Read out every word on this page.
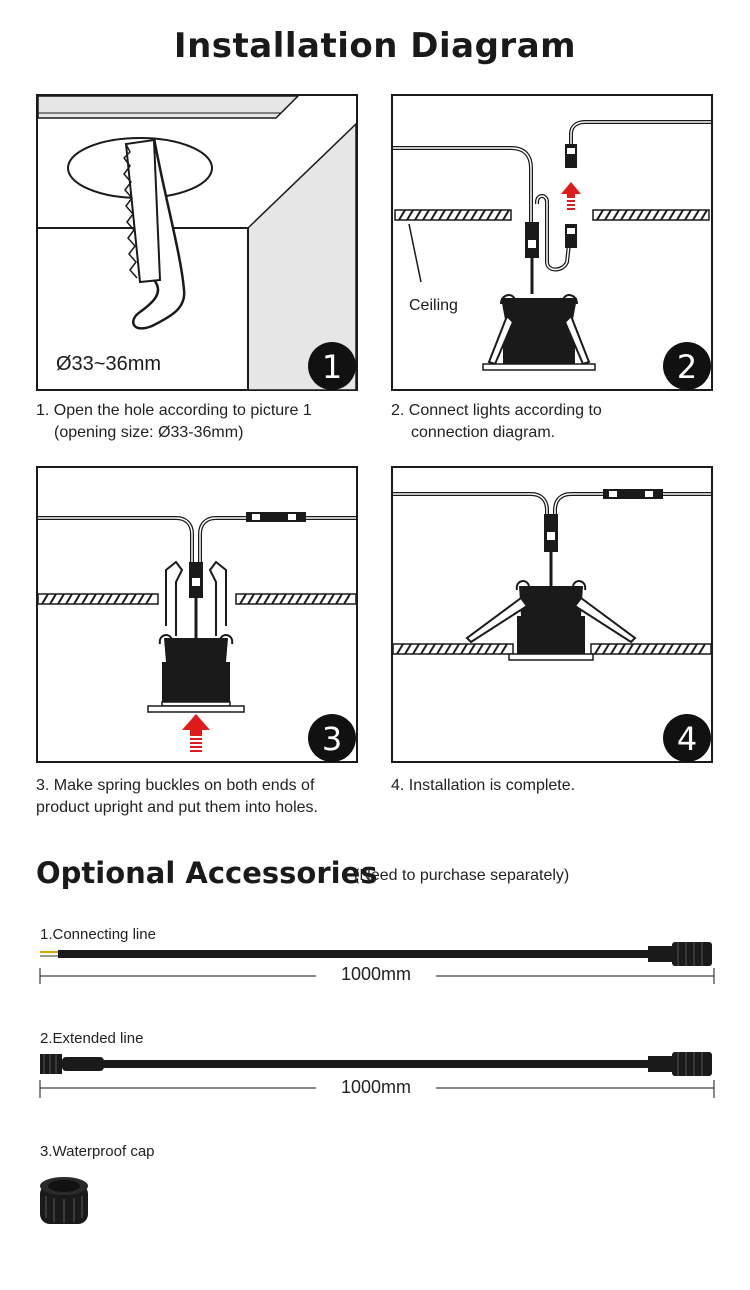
Installation Diagram
Ø33~36mm	1
1. Open the hole according to picture 1
(opening size: Ø33-36mm)
Ceiling
2
2. Connect lights according to
connection diagram.
3
3. Make spring buckles on both ends of
product upright and put them into holes.
4
4. Installation is complete.
Optional Accessories
(Need to purchase separately)
1.Connecting line
1000mm
2.Extended line
1000mm
3.Waterproof cap
